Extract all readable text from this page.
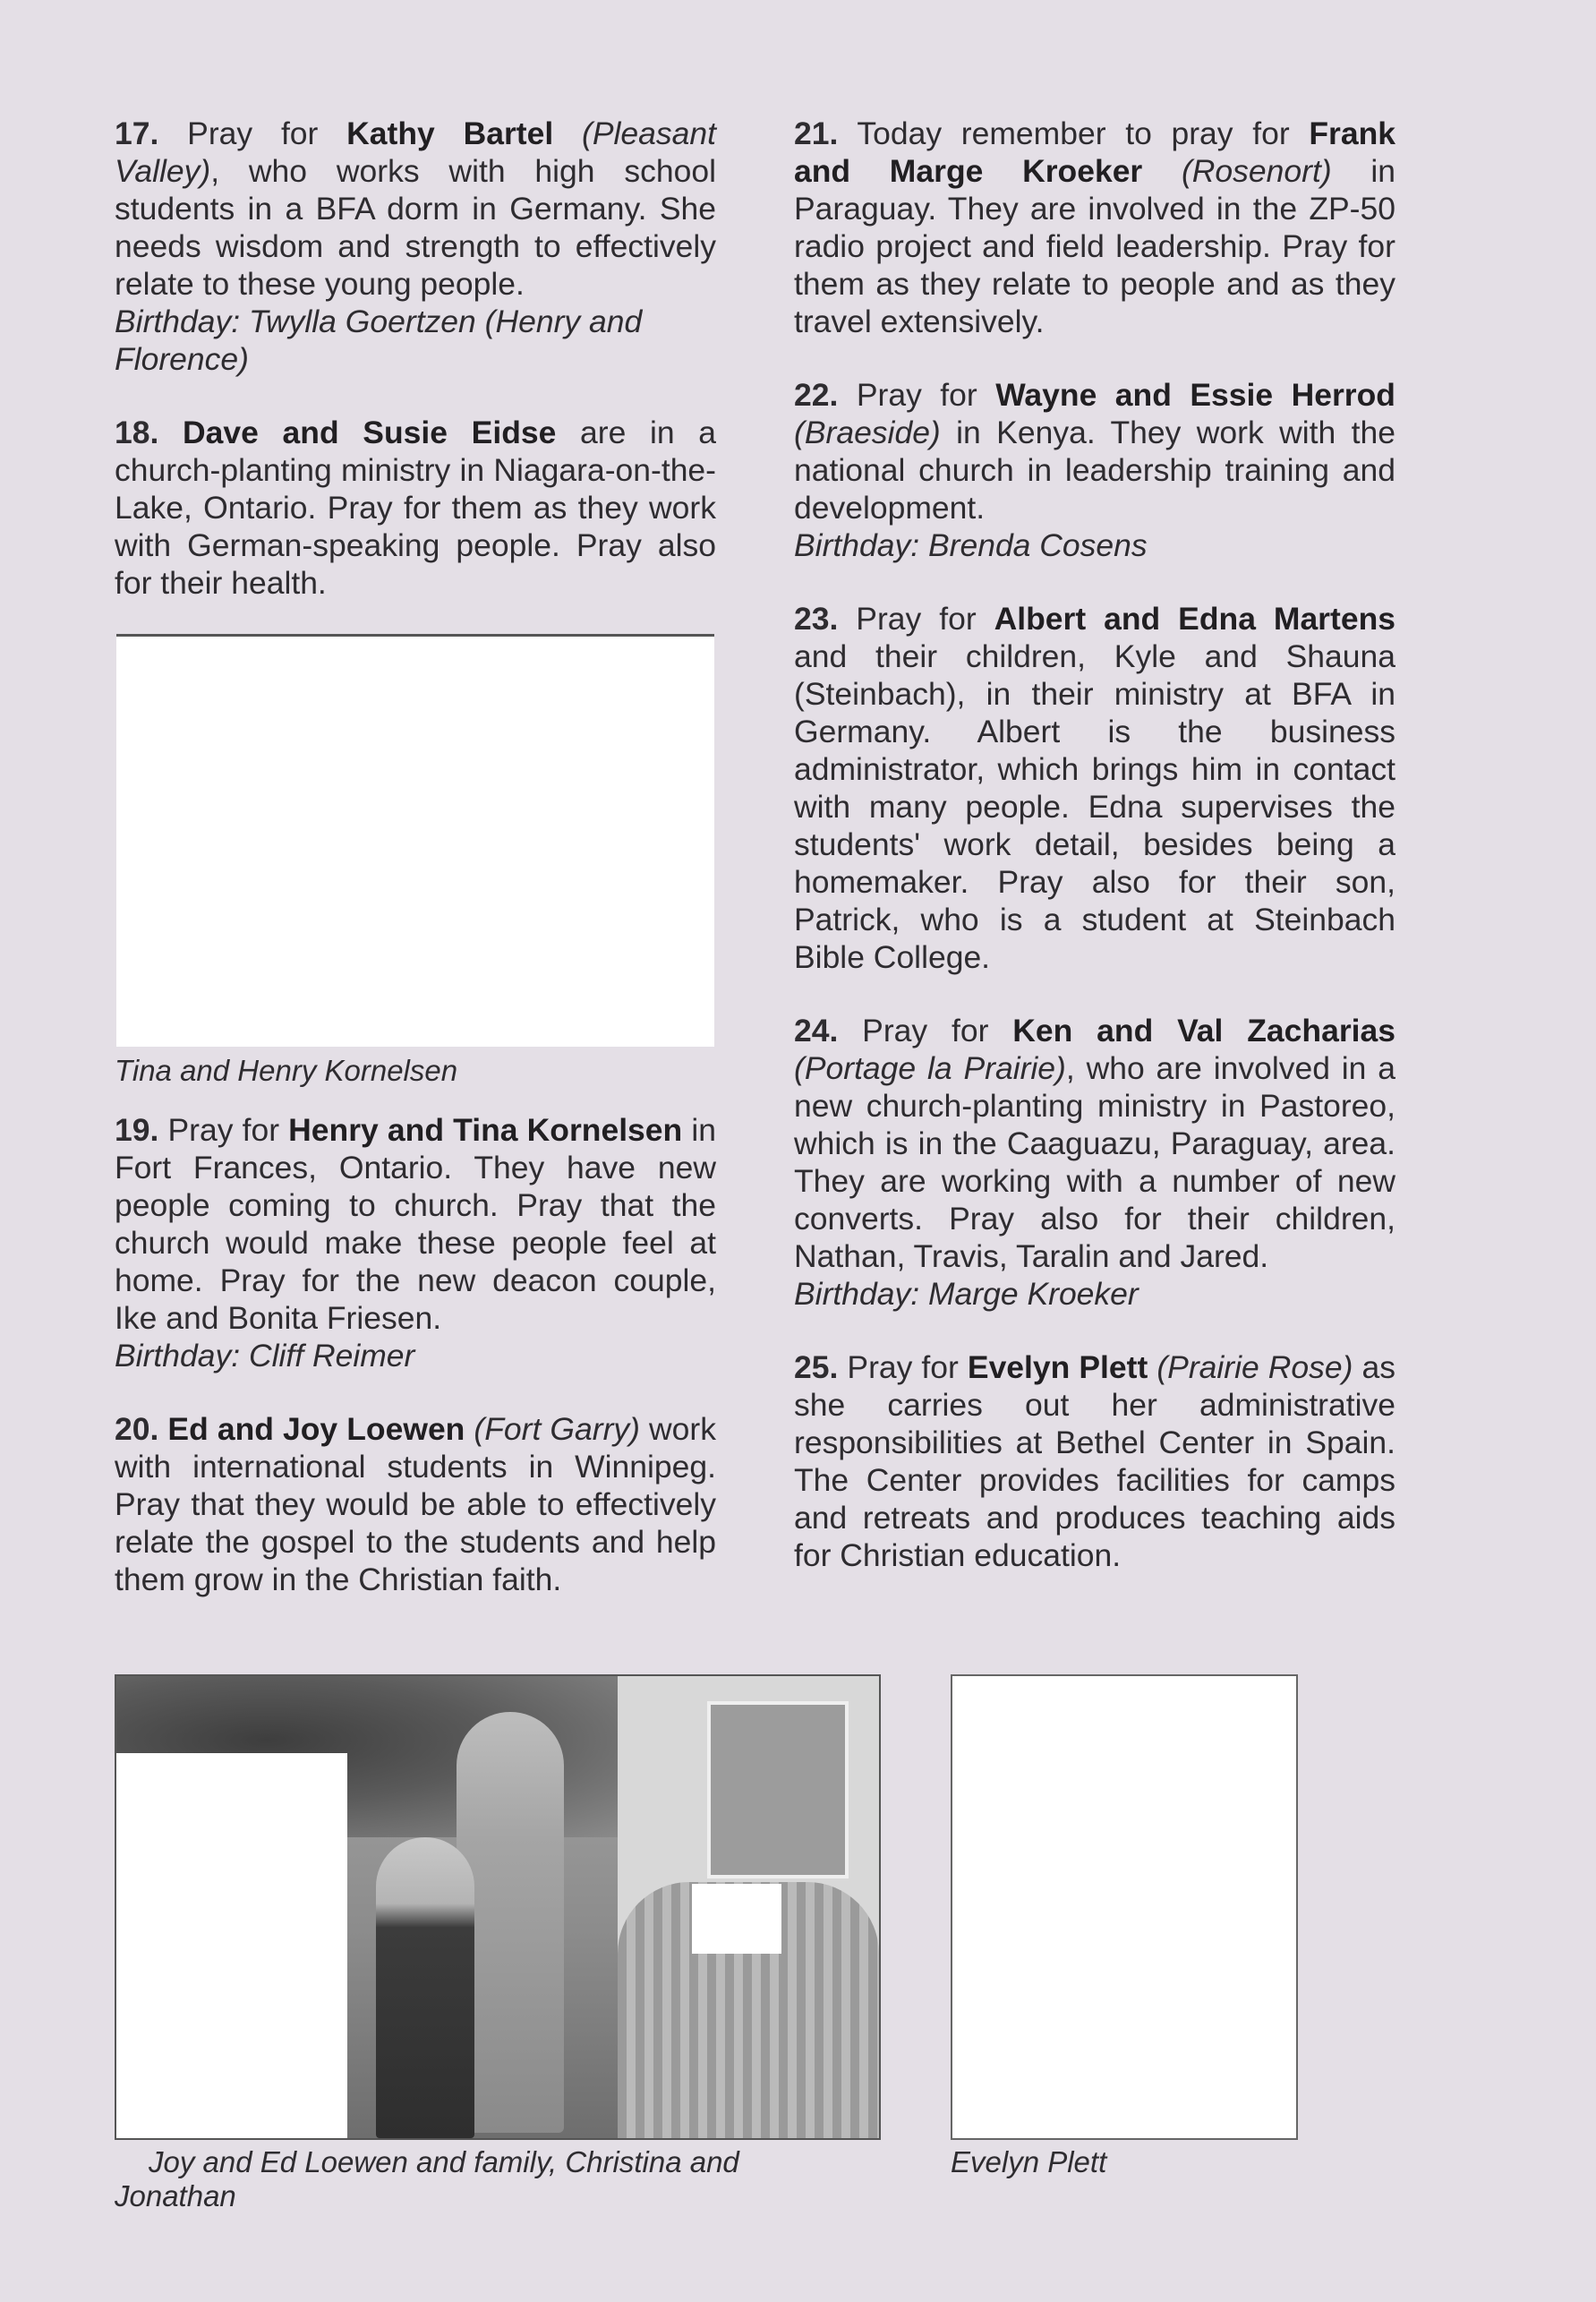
17. Pray for Kathy Bartel (Pleasant Valley), who works with high school students in a BFA dorm in Germany. She needs wisdom and strength to effectively relate to these young people.
Birthday: Twylla Goertzen (Henry and Florence)

18. Dave and Susie Eidse are in a church-planting ministry in Niagara-on-the-Lake, Ontario. Pray for them as they work with German-speaking people. Pray also for their health.

Tina and Henry Kornelsen

19. Pray for Henry and Tina Kornelsen in Fort Frances, Ontario. They have new people coming to church. Pray that the church would make these people feel at home. Pray for the new deacon couple, Ike and Bonita Friesen.
Birthday: Cliff Reimer

20. Ed and Joy Loewen (Fort Garry) work with international students in Winnipeg. Pray that they would be able to effectively relate the gospel to the students and help them grow in the Christian faith.

21. Today remember to pray for Frank and Marge Kroeker (Rosenort) in Paraguay. They are involved in the ZP-50 radio project and field leadership. Pray for them as they relate to people and as they travel extensively.

22. Pray for Wayne and Essie Herrod (Braeside) in Kenya. They work with the national church in leadership training and development.
Birthday: Brenda Cosens

23. Pray for Albert and Edna Martens and their children, Kyle and Shauna (Steinbach), in their ministry at BFA in Germany. Albert is the business administrator, which brings him in contact with many people. Edna supervises the students' work detail, besides being a homemaker. Pray also for their son, Patrick, who is a student at Steinbach Bible College.

24. Pray for Ken and Val Zacharias (Portage la Prairie), who are involved in a new church-planting ministry in Pastoreo, which is in the Caaguazu, Paraguay, area. They are working with a number of new converts. Pray also for their children, Nathan, Travis, Taralin and Jared.
Birthday: Marge Kroeker

25. Pray for Evelyn Plett (Prairie Rose) as she carries out her administrative responsibilities at Bethel Center in Spain. The Center provides facilities for camps and retreats and produces teaching aids for Christian education.

Joy and Ed Loewen and family, Christina and Jonathan
Evelyn Plett
